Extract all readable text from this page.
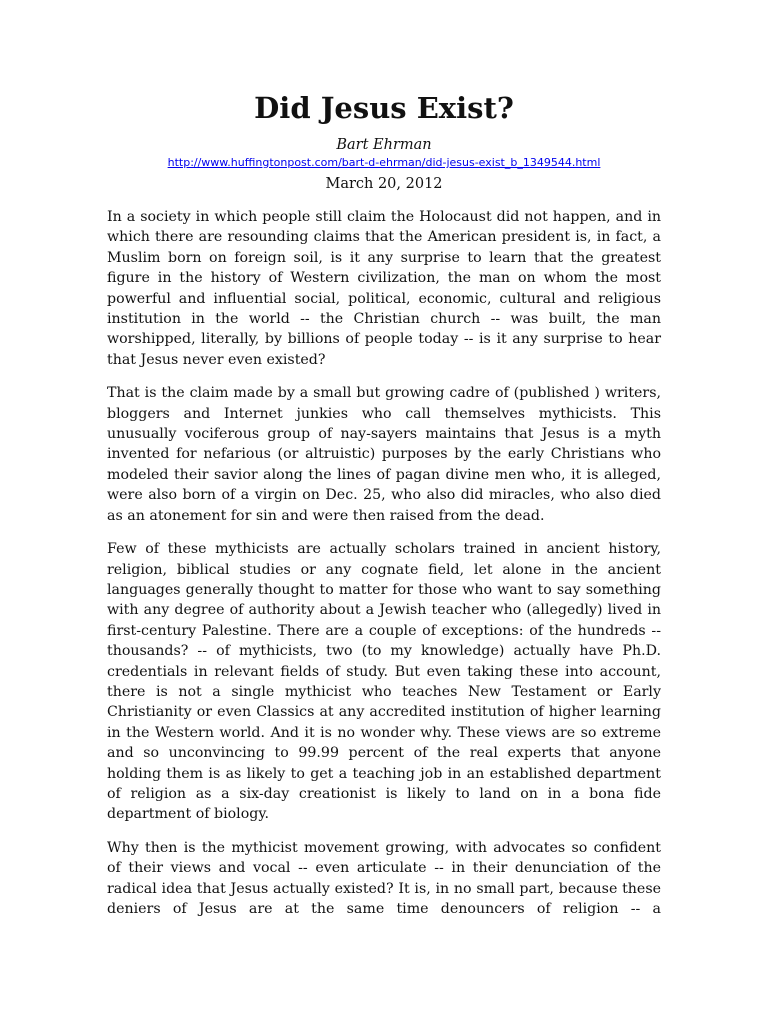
Did Jesus Exist?
Bart Ehrman
http://www.huffingtonpost.com/bart-d-ehrman/did-jesus-exist_b_1349544.html
March 20, 2012

In a society in which people still claim the Holocaust did not happen, and in which there are resounding claims that the American president is, in fact, a Muslim born on foreign soil, is it any surprise to learn that the greatest figure in the history of Western civilization, the man on whom the most powerful and influential social, political, economic, cultural and religious institution in the world -- the Christian church -- was built, the man worshipped, literally, by billions of people today -- is it any surprise to hear that Jesus never even existed?

That is the claim made by a small but growing cadre of (published ) writers, bloggers and Internet junkies who call themselves mythicists. This unusually vociferous group of nay-sayers maintains that Jesus is a myth invented for nefarious (or altruistic) purposes by the early Christians who modeled their savior along the lines of pagan divine men who, it is alleged, were also born of a virgin on Dec. 25, who also did miracles, who also died as an atonement for sin and were then raised from the dead.

Few of these mythicists are actually scholars trained in ancient history, religion, biblical studies or any cognate field, let alone in the ancient languages generally thought to matter for those who want to say something with any degree of authority about a Jewish teacher who (allegedly) lived in first-century Palestine. There are a couple of exceptions: of the hundreds -- thousands? -- of mythicists, two (to my knowledge) actually have Ph.D. credentials in relevant fields of study. But even taking these into account, there is not a single mythicist who teaches New Testament or Early Christianity or even Classics at any accredited institution of higher learning in the Western world. And it is no wonder why. These views are so extreme and so unconvincing to 99.99 percent of the real experts that anyone holding them is as likely to get a teaching job in an established department of religion as a six-day creationist is likely to land on in a bona fide department of biology.

Why then is the mythicist movement growing, with advocates so confident of their views and vocal -- even articulate -- in their denunciation of the radical idea that Jesus actually existed? It is, in no small part, because these deniers of Jesus are at the same time denouncers of religion -- a
